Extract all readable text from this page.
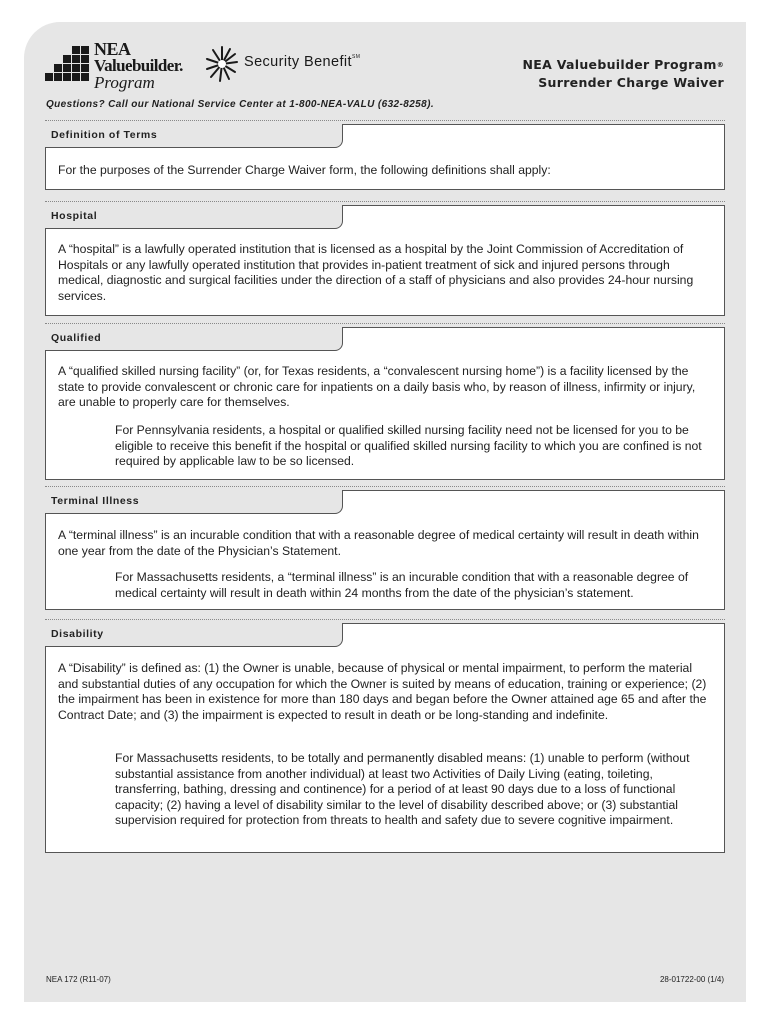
NEA
Valuebuilder.
Program
Security Benefit℠	NEA Valuebuilder Program®
Surrender Charge Waiver
Questions? Call our National Service Center at 1-800-NEA-VALU (632-8258).
Definition of Terms
For the purposes of the Surrender Charge Waiver form, the following definitions shall apply:
Hospital
A “hospital” is a lawfully operated institution that is licensed as a hospital by the Joint Commission of Accreditation of Hospitals or any lawfully operated institution that provides in-patient treatment of sick and injured persons through medical, diagnostic and surgical facilities under the direction of a staff of physicians and also provides 24-hour nursing services.
Qualified
A “qualified skilled nursing facility” (or, for Texas residents, a “convalescent nursing home”) is a facility licensed by the state to provide convalescent or chronic care for inpatients on a daily basis who, by reason of illness, infirmity or injury, are unable to properly care for themselves.
For Pennsylvania residents, a hospital or qualified skilled nursing facility need not be licensed for you to be eligible to receive this benefit if the hospital or qualified skilled nursing facility to which you are confined is not required by applicable law to be so licensed.
Terminal Illness
A “terminal illness” is an incurable condition that with a reasonable degree of medical certainty will result in death within one year from the date of the Physician’s Statement.
For Massachusetts residents, a “terminal illness” is an incurable condition that with a reasonable degree of medical certainty will result in death within 24 months from the date of the physician’s statement.
Disability
A “Disability” is defined as: (1) the Owner is unable, because of physical or mental impairment, to perform the material and substantial duties of any occupation for which the Owner is suited by means of education, training or experience; (2) the impairment has been in existence for more than 180 days and began before the Owner attained age 65 and after the Contract Date; and (3) the impairment is expected to result in death or be long-standing and indefinite.
For Massachusetts residents, to be totally and permanently disabled means: (1) unable to perform (without substantial assistance from another individual) at least two Activities of Daily Living (eating, toileting, transferring, bathing, dressing and continence) for a period of at least 90 days due to a loss of functional capacity; (2) having a level of disability similar to the level of disability described above; or (3) substantial supervision required for protection from threats to health and safety due to severe cognitive impairment.
NEA 172 (R11-07)	28-01722-00 (1/4)
